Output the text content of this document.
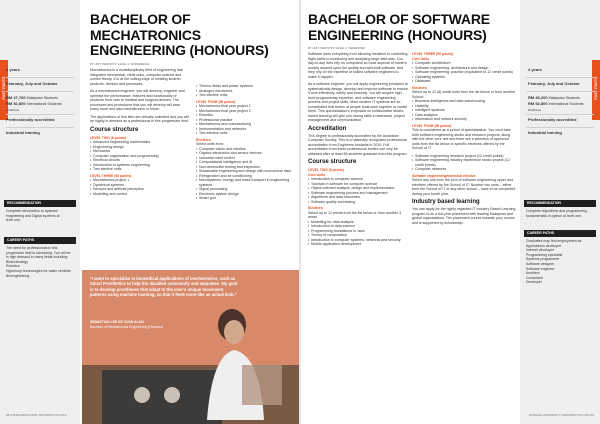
FAST FACTS
4 years
February, July and October
RM 47,760 Malaysian Students
RM 52,800 International Students
2019 fees
Professionally accredited
Industrial training
RECOMMENDATION
Complete introduction to systems
engineering and Digital systems at
level one.
CAREER PATHS
The need for professionals in this progressive field is increasing. You will be in high demand in many fields including:
Biotechnology
Robotics
Hyperloop technologies for water vehicles
Bioengineering
BACHELOR OF MECHATRONICS ENGINEERING (HONOURS)
BY UNIT: INDUSTRY/ LEVEL 3 / EXPERIENCE

Mechatronics is a multidisciplinary field of engineering that integrates mechanical, electronics, computer science and control theory. It is at the cutting-edge of creating smarter products, devices and processes.

As a mechatronics engineer, you will develop, engineer and optimise the performance, features and functionality of products from cars to medical and surgical devices. The processes and procedures that you will develop will save many more and also mechatronics in future.

The applications of this field are virtually unlimited and you will be highly in demand as a professional in this progressive field.

Course structure
LEVEL TWO (8 points)
• Advanced engineering mathematics
• Engineering design
• Mechanics
• Computer organisation and programming
• Electrical circuits
• Introduction to systems engineering
• Two elective units
LEVEL THREE (96 points)
• Mechatronics project 1
• Dynamical systems
• Sensors and artificial perception
• Modelling and control
• Thermo-fluids and power systems
• Analogue electronics
• Two elective units
LEVEL FOUR (96 points)
• Mechatronics final year project 1
• Mechatronics final year project 2
• Robotics
• Professional practice
• Mechatronics and manufacturing
• Instrumentation and networks
• Two elective units
Electives
Select units from:
• Computer vision and robotics
• Organic electronics and sensor devices
• Industrial robot control
• Computational intelligence and AI
• Non-destructive testing and inspection
• Sustainable engineering and design with economical risks
• Refrigeration and air conditioning
• Microsystems, energy and mass transport in engineering systems
• Signal processing
• Electronic system design
• Smart grid
“I want to specialise in biomedical applications of mechatronics, such as Smart Prosthetics to help the disabled community and amputees. My goal is to develop prostheses that adapt to the user’s unique movement patterns using machine learning, so that it feels more like an actual limb.”
SEBASTIAN LEE KE XUAN ALAN
Bachelor of Mechatronics Engineering (Honours)
68 UNDERGRADUATE PROSPECTUS 2019
BACHELOR OF SOFTWARE ENGINEERING (HONOURS)
BY UNIT: INDUSTRY/ LEVEL 3 / SEMESTER

Software does everything from allowing medicine to controlling flight paths to monitoring and analysing large data sets. Our day-to-day lives rely on computers so most aspects of modern society depend upon the quality and well-built software. And they rely on the expertise of skilled software engineers to make it happen.

As a software engineer, you will apply engineering principles to systematically design, develop and improve software to ensure it runs effectively, safely and securely. You will acquire high-level programming expertise, and software engineering process and project skills. Most modern IT systems are so complicated that teams of people must work together to create them. This specialisation’s emphasis on collaborative studio-based learning will give you strong skills in teamwork, project management and communication.

Accreditation

This degree is professionally accredited by the Australian Computer Society. This is a nationally recognised professional accreditation from Engineers Australia in 2019. Full accreditation from these professional bodies can only be obtained after at least 36 students graduate from this program.

Course structure
LEVEL TWO (8 points)
Core Units
• Introduction to computer science
• Tutorials in software for computer science
• Object-oriented analysis, design and implementation
• Software engineering process and management
• Algorithms and data structures
• Software quality and testing
Electives
Select up to 12 points from the list below or from another 3 areas
• Modelling for data analysis
• Introduction to data science
• Programming foundations in Java
• Theory of computation
• Introduction to computer systems, networks and security
• Mobile application development
LEVEL THREE (90 points)
Core Units
• Computer architecture
• Software engineering: architecture and design
• Software engineering: practice (equivalent to 12 credit points)
• Operating systems
• Database
Electives
Select up to 12 (8) credit units from the list below or from another School:
• Business intelligence and data warehousing
• Usability
• Intelligent systems
• Data analytics
• Information and network security
LEVEL FOUR (96 points)

This is considered as a period of specialisation. You must take both software engineering studio and research projects, along with the other core unit and there are a selection of approved units from the list below or specific electives offered by the School of IT.

• Software engineering research project (12 credit points)
• Software engineering industry experience studio project (12 credit points)
• Computer networks
Software engineering/technical elective

Select any unit from the pool of software engineering upper and electives offered by the School of IT. Number two units – either from the School of IT or any other school – have to be completed during your fourth year.

Industry based learning

You can apply for the highly regarded IT Industry Based Learning program to do a full-year placement with leading Malaysian and global organisations. The placement counts towards your course and is supported by scholarship.

FAST FACTS
4 years
February, July and October
RM 46,200 Malaysian Students
RM 52,800 International Students
2019 fees
Professionally accredited
Industrial training
RECOMMENDATION
Complete Algorithms and programming
fundamentals in python at level one.
CAREER PATHS
Graduates may find employment as:
Applications developer
Internet developer
Programming specialist
Systems programmer
Software designer
Software engineer
Architect
Consultant
Developer
MONASH UNIVERSITY PROSPECTUS 2019 69
